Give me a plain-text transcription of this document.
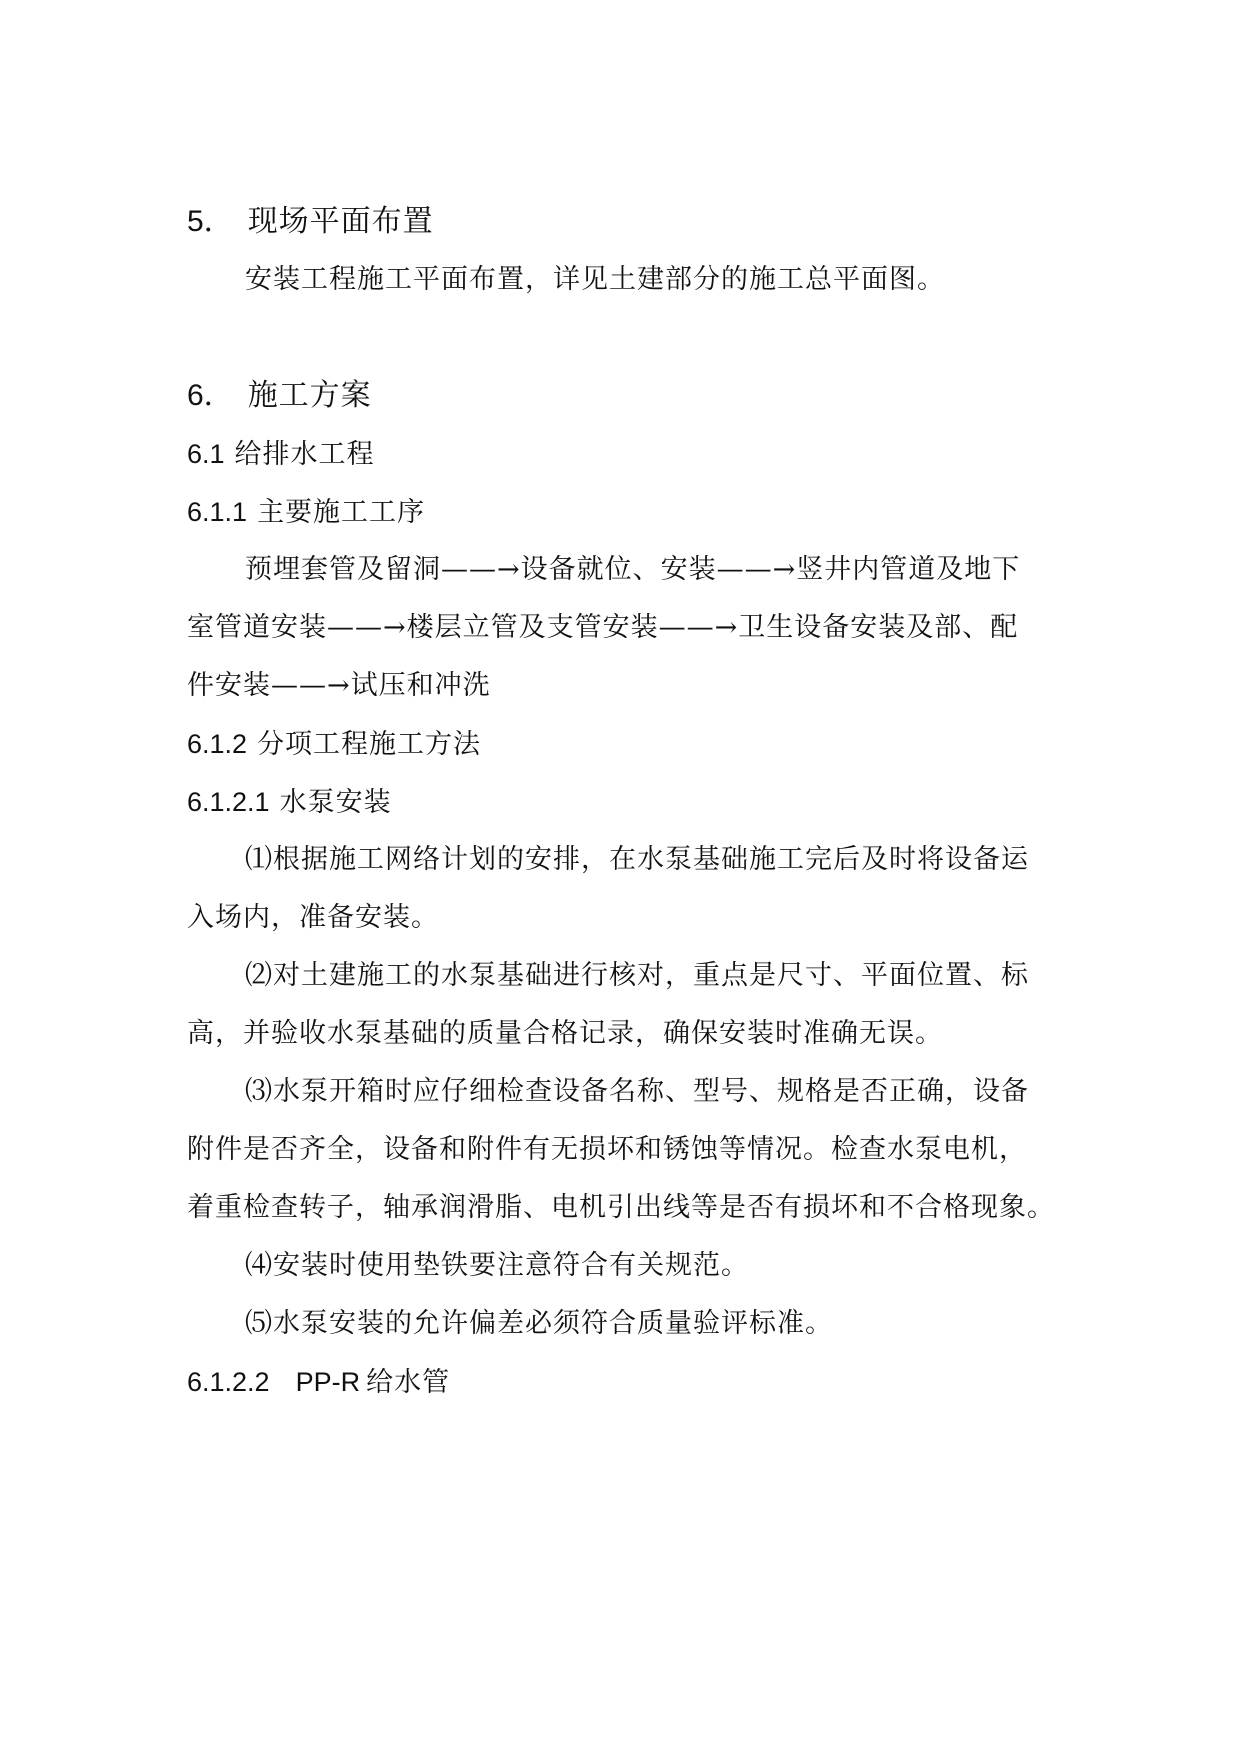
5． 现场平面布置
安装工程施工平面布置，详见土建部分的施工总平面图。
6． 施工方案
6.1 给排水工程
6.1.1 主要施工工序
预埋套管及留洞——→设备就位、安装——→竖井内管道及地下
室管道安装——→楼层立管及支管安装——→卫生设备安装及部、配
件安装——→试压和冲洗
6.1.2 分项工程施工方法
6.1.2.1 水泵安装
⑴根据施工网络计划的安排，在水泵基础施工完后及时将设备运
入场内，准备安装。
⑵对土建施工的水泵基础进行核对，重点是尺寸、平面位置、标
高，并验收水泵基础的质量合格记录，确保安装时准确无误。
⑶水泵开箱时应仔细检查设备名称、型号、规格是否正确，设备
附件是否齐全，设备和附件有无损坏和锈蚀等情况。检查水泵电机，
着重检查转子，轴承润滑脂、电机引出线等是否有损坏和不合格现象。
⑷安装时使用垫铁要注意符合有关规范。
⑸水泵安装的允许偏差必须符合质量验评标准。
6.1.2.2 PP-R 给水管
